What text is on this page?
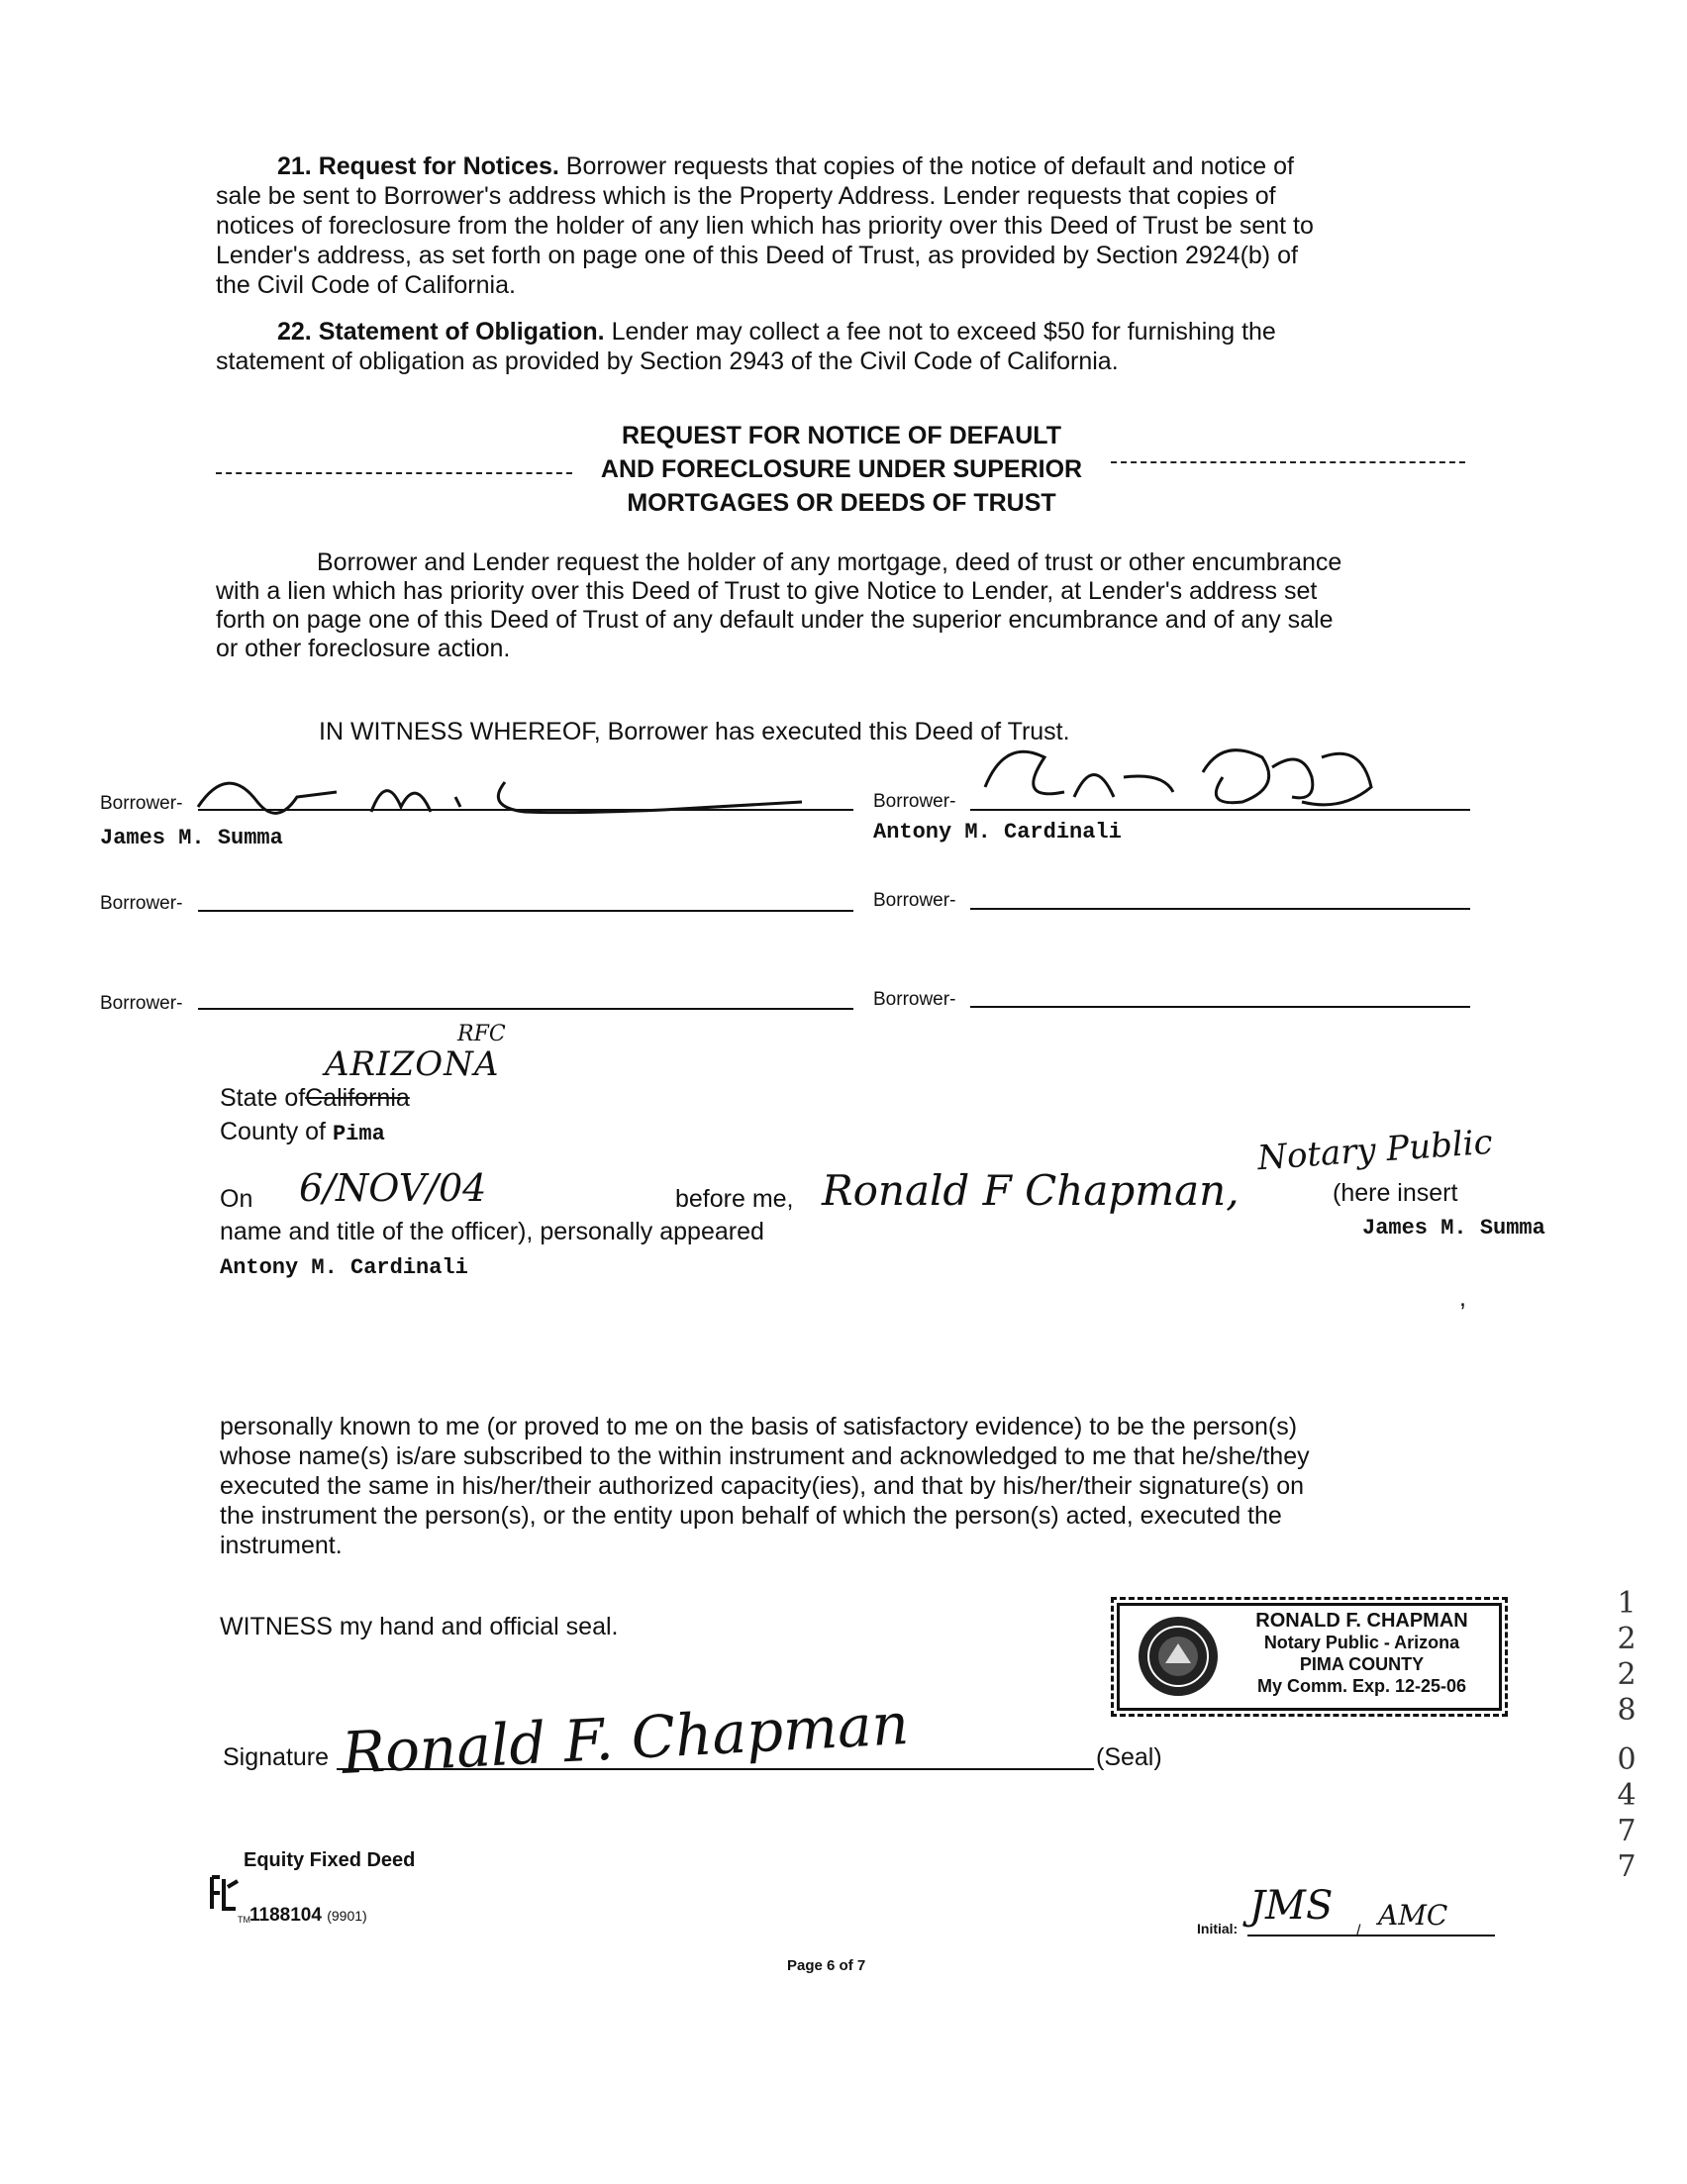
21. Request for Notices. Borrower requests that copies of the notice of default and notice of
sale be sent to Borrower's address which is the Property Address. Lender requests that copies of
notices of foreclosure from the holder of any lien which has priority over this Deed of Trust be sent to
Lender's address, as set forth on page one of this Deed of Trust, as provided by Section 2924(b) of
the Civil Code of California.
22. Statement of Obligation. Lender may collect a fee not to exceed $50 for furnishing the
statement of obligation as provided by Section 2943 of the Civil Code of California.
REQUEST FOR NOTICE OF DEFAULT
AND FORECLOSURE UNDER SUPERIOR
MORTGAGES OR DEEDS OF TRUST
Borrower and Lender request the holder of any mortgage, deed of trust or other encumbrance
with a lien which has priority over this Deed of Trust to give Notice to Lender, at Lender's address set
forth on page one of this Deed of Trust of any default under the superior encumbrance and of any sale
or other foreclosure action.
IN WITNESS WHEREOF, Borrower has executed this Deed of Trust.
Borrower-	Borrower-
James M. Summa	Antony M. Cardinali
Borrower-	Borrower-
Borrower-	Borrower-
RFC
ARIZONA
State ofCalifornia
County of Pima
On 6/NOV/04	before me, Ronald F Chapman,
Notary Public
(here insert
name and title of the officer), personally appeared	James M. Summa
Antony M. Cardinali
,
personally known to me (or proved to me on the basis of satisfactory evidence) to be the person(s)
whose name(s) is/are subscribed to the within instrument and acknowledged to me that he/she/they
executed the same in his/her/their authorized capacity(ies), and that by his/her/their signature(s) on
the instrument the person(s), or the entity upon behalf of which the person(s) acted, executed the
instrument.
WITNESS my hand and official seal.	RONALD F. CHAPMAN
Notary Public - Arizona
PIMA COUNTY
My Comm. Exp. 12-25-06
Signature Ronald F. Chapman	(Seal)
Equity Fixed Deed
TM 1188104 (9901)
Initial: JMS
/ AMC
Page 6 of 7
1228
0477
